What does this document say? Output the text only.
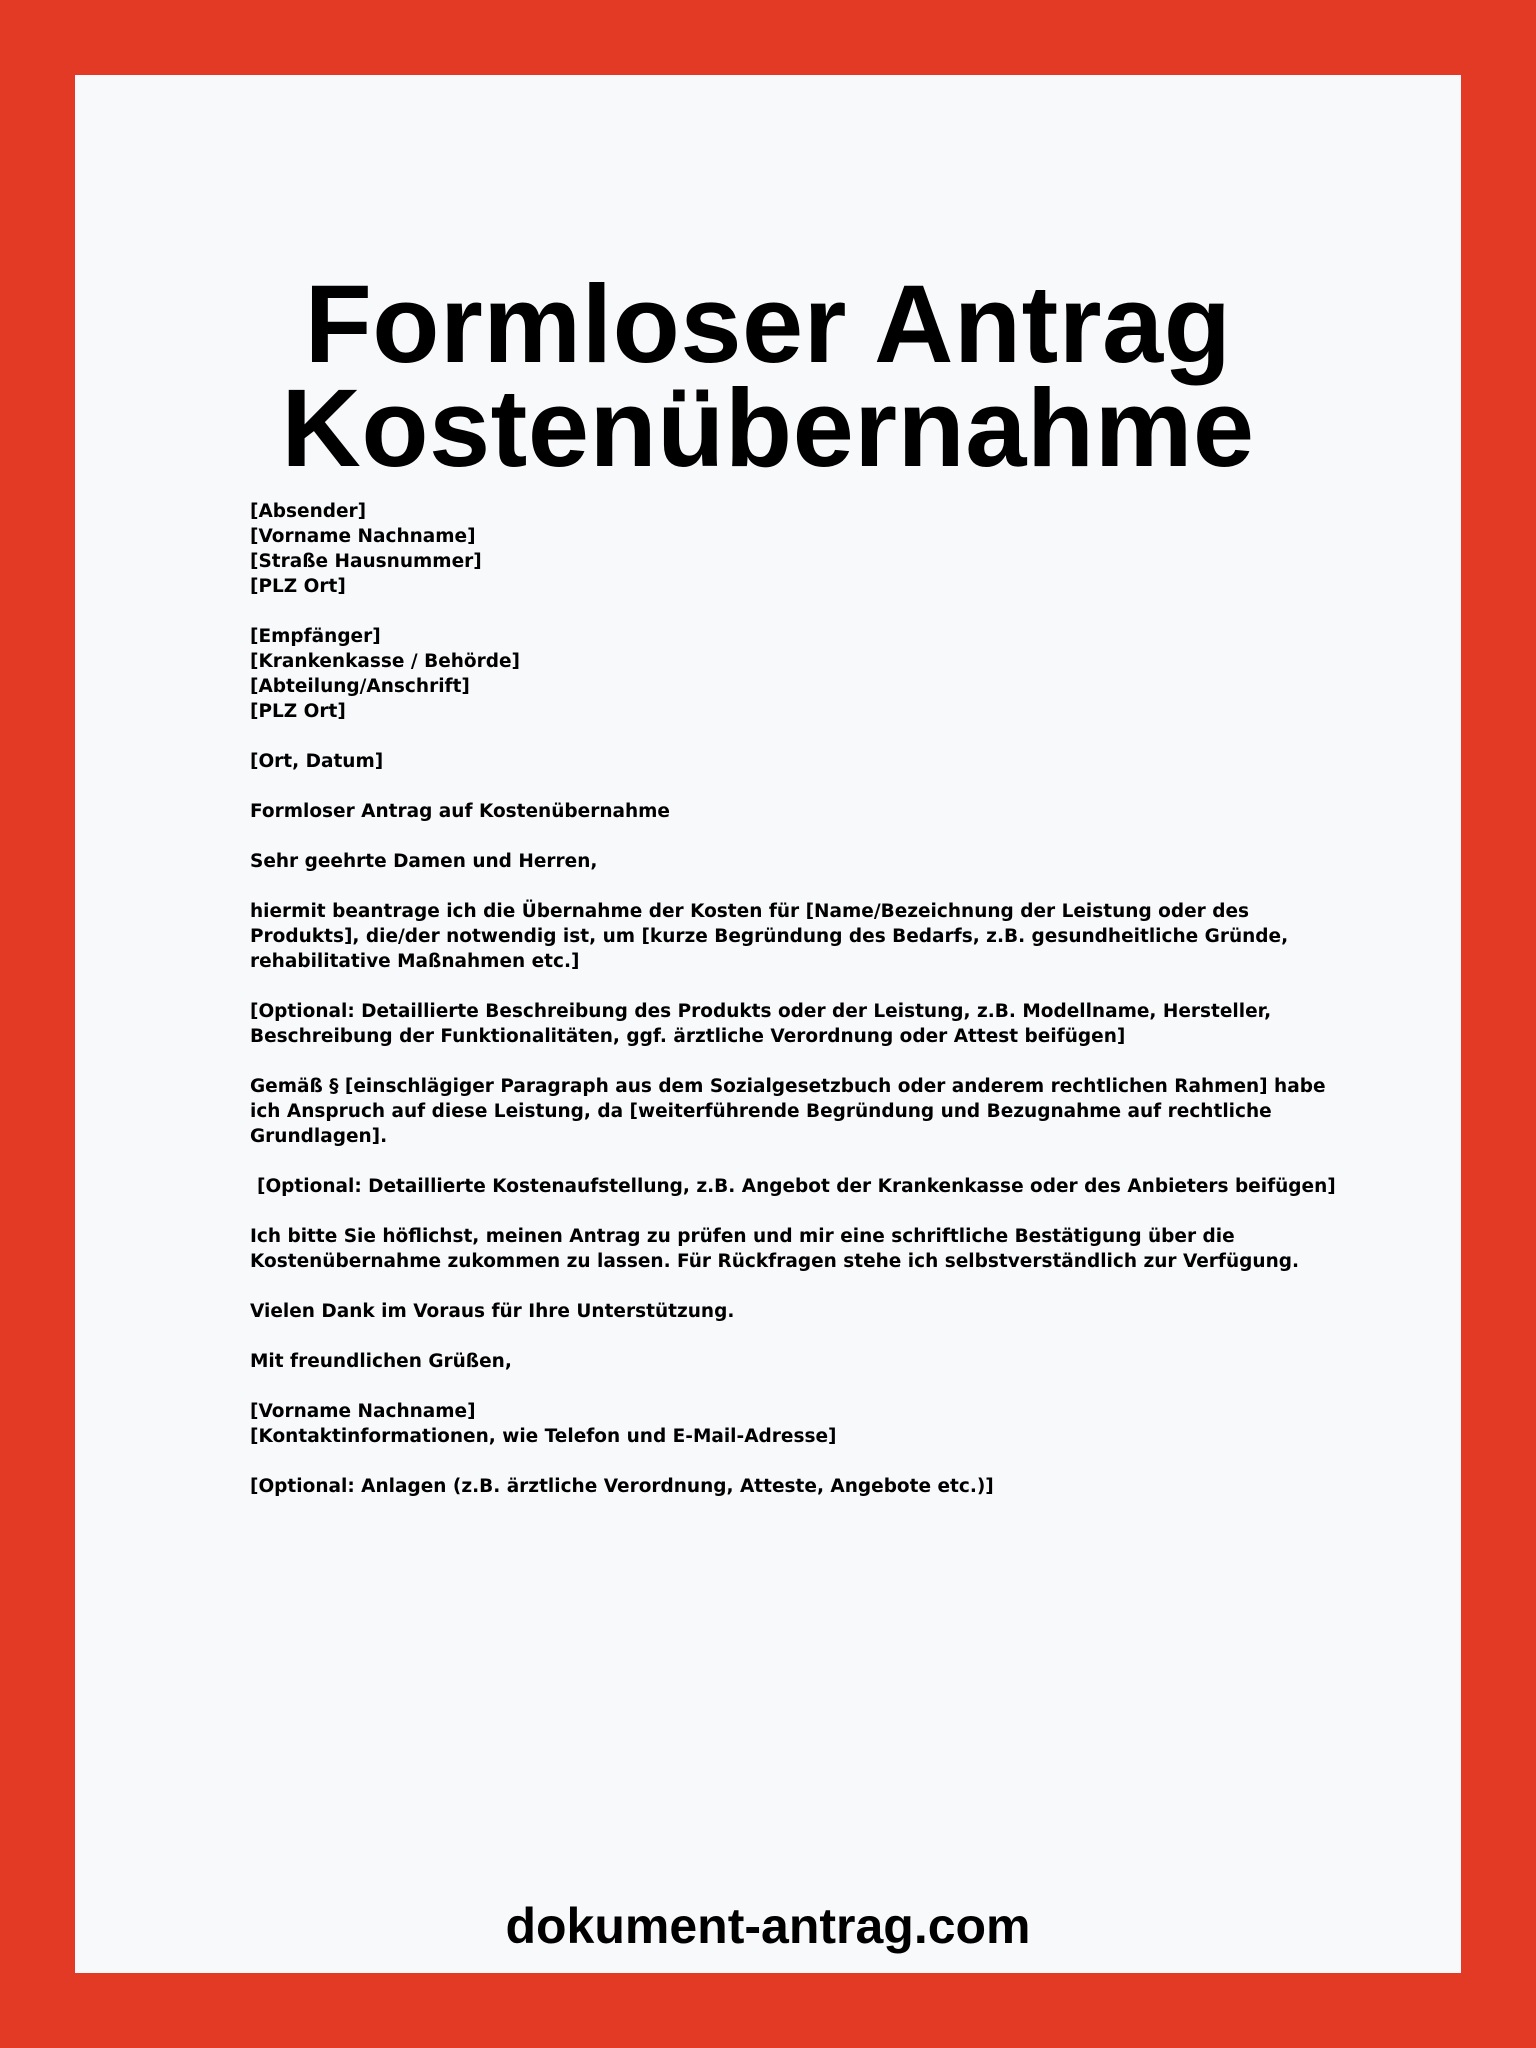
Formloser Antrag
Kostenübernahme
[Absender]
[Vorname Nachname]
[Straße Hausnummer]
[PLZ Ort]
[Empfänger]
[Krankenkasse / Behörde]
[Abteilung/Anschrift]
[PLZ Ort]

[Ort, Datum]

Formloser Antrag auf Kostenübernahme

Sehr geehrte Damen und Herren,

hiermit beantrage ich die Übernahme der Kosten für [Name/Bezeichnung der Leistung oder des Produkts], die/der notwendig ist, um [kurze Begründung des Bedarfs, z.B. gesundheitliche Gründe, rehabilitative Maßnahmen etc.]

[Optional: Detaillierte Beschreibung des Produkts oder der Leistung, z.B. Modellname, Hersteller, Beschreibung der Funktionalitäten, ggf. ärztliche Verordnung oder Attest beifügen]

Gemäß § [einschlägiger Paragraph aus dem Sozialgesetzbuch oder anderem rechtlichen Rahmen] habe ich Anspruch auf diese Leistung, da [weiterführende Begründung und Bezugnahme auf rechtliche Grundlagen].

[Optional: Detaillierte Kostenaufstellung, z.B. Angebot der Krankenkasse oder des Anbieters beifügen]

Ich bitte Sie höflichst, meinen Antrag zu prüfen und mir eine schriftliche Bestätigung über die Kostenübernahme zukommen zu lassen. Für Rückfragen stehe ich selbstverständlich zur Verfügung.

Vielen Dank im Voraus für Ihre Unterstützung.

Mit freundlichen Grüßen,

[Vorname Nachname]
[Kontaktinformationen, wie Telefon und E-Mail-Adresse]

[Optional: Anlagen (z.B. ärztliche Verordnung, Atteste, Angebote etc.)]

dokument-antrag.com
